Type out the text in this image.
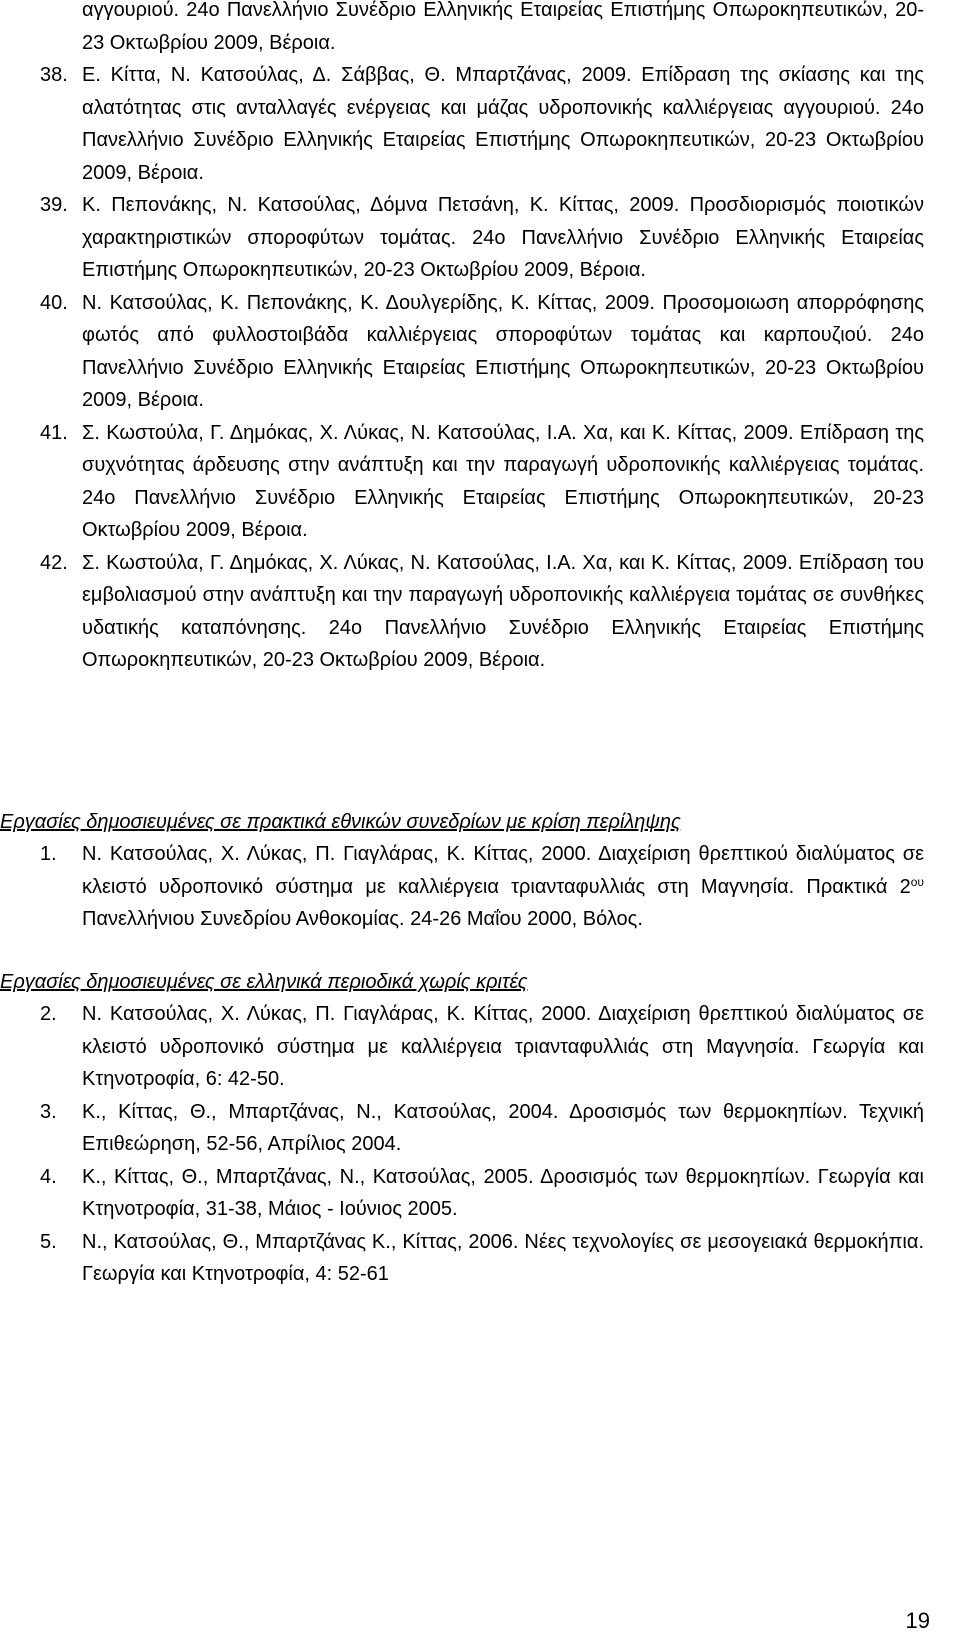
αγγουριού. 24ο Πανελλήνιο Συνέδριο Ελληνικής Εταιρείας Επιστήμης Οπωροκηπευτικών, 20-23 Οκτωβρίου 2009, Βέροια.
38. Ε. Κίττα, Ν. Κατσούλας, Δ. Σάββας, Θ. Μπαρτζάνας, 2009. Επίδραση της σκίασης και της αλατότητας στις ανταλλαγές ενέργειας και μάζας υδροπονικής καλλιέργειας αγγουριού. 24ο Πανελλήνιο Συνέδριο Ελληνικής Εταιρείας Επιστήμης Οπωροκηπευτικών, 20-23 Οκτωβρίου 2009, Βέροια.
39. Κ. Πεπονάκης, Ν. Κατσούλας, Δόμνα Πετσάνη, Κ. Κίττας, 2009. Προσδιορισμός ποιοτικών χαρακτηριστικών σποροφύτων τομάτας. 24ο Πανελλήνιο Συνέδριο Ελληνικής Εταιρείας Επιστήμης Οπωροκηπευτικών, 20-23 Οκτωβρίου 2009, Βέροια.
40. Ν. Κατσούλας, Κ. Πεπονάκης, Κ. Δουλγερίδης, Κ. Κίττας, 2009. Προσομοιωση απορρόφησης φωτός από φυλλοστοιβάδα καλλιέργειας σποροφύτων τομάτας και καρπουζιού. 24ο Πανελλήνιο Συνέδριο Ελληνικής Εταιρείας Επιστήμης Οπωροκηπευτικών, 20-23 Οκτωβρίου 2009, Βέροια.
41. Σ. Κωστούλα, Γ. Δημόκας, Χ. Λύκας, Ν. Κατσούλας, Ι.Α. Χα, και Κ. Κίττας, 2009. Επίδραση της συχνότητας άρδευσης στην ανάπτυξη και την παραγωγή υδροπονικής καλλιέργειας τομάτας. 24ο Πανελλήνιο Συνέδριο Ελληνικής Εταιρείας Επιστήμης Οπωροκηπευτικών, 20-23 Οκτωβρίου 2009, Βέροια.
42. Σ. Κωστούλα, Γ. Δημόκας, Χ. Λύκας, Ν. Κατσούλας, Ι.Α. Χα, και Κ. Κίττας, 2009. Επίδραση του εμβολιασμού στην ανάπτυξη και την παραγωγή υδροπονικής καλλιέργεια τομάτας σε συνθήκες υδατικής καταπόνησης. 24ο Πανελλήνιο Συνέδριο Ελληνικής Εταιρείας Επιστήμης Οπωροκηπευτικών, 20-23 Οκτωβρίου 2009, Βέροια.
Εργασίες δημοσιευμένες σε πρακτικά εθνικών συνεδρίων με κρίση περίληψης
1. Ν. Κατσούλας, Χ. Λύκας, Π. Γιαγλάρας, Κ. Κίττας, 2000. Διαχείριση θρεπτικού διαλύματος σε κλειστό υδροπονικό σύστημα με καλλιέργεια τριανταφυλλιάς στη Μαγνησία. Πρακτικά $2^{o\upsilon}$ Πανελλήνιου Συνεδρίου Ανθοκομίας. 24-26 Μαΐου 2000, Βόλος.
Εργασίες δημοσιευμένες σε ελληνικά περιοδικά χωρίς κριτές
2. Ν. Κατσούλας, Χ. Λύκας, Π. Γιαγλάρας, Κ. Κίττας, 2000. Διαχείριση θρεπτικού διαλύματος σε κλειστό υδροπονικό σύστημα με καλλιέργεια τριανταφυλλιάς στη Μαγνησία. Γεωργία και Κτηνοτροφία, 6: 42-50.
3. Κ., Κίττας, Θ., Μπαρτζάνας, Ν., Κατσούλας, 2004. Δροσισμός των θερμοκηπίων. Τεχνική Επιθεώρηση, 52-56, Απρίλιος 2004.
4. Κ., Κίττας, Θ., Μπαρτζάνας, Ν., Κατσούλας, 2005. Δροσισμός των θερμοκηπίων. Γεωργία και Κτηνοτροφία, 31-38, Μάιος - Ιούνιος 2005.
5. Ν., Κατσούλας, Θ., Μπαρτζάνας Κ., Κίττας, 2006. Νέες τεχνολογίες σε μεσογειακά θερμοκήπια. Γεωργία και Κτηνοτροφία, 4: 52-61
19
